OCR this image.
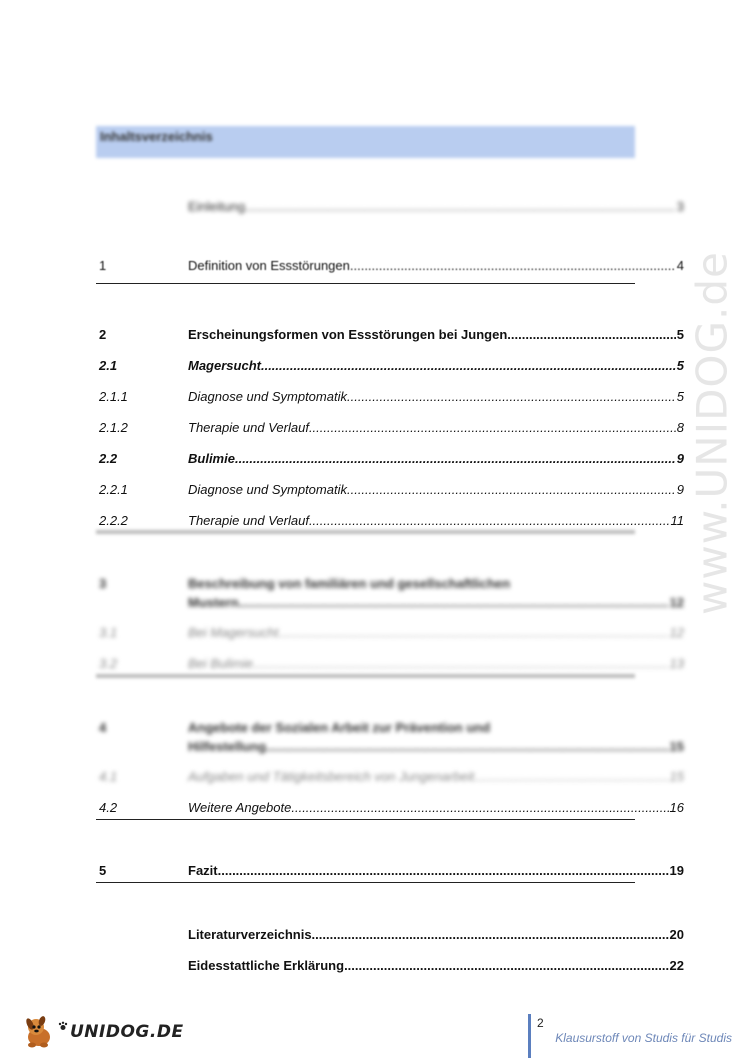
Inhaltsverzeichnis
Einleitung .....	3
1	Definition von Essstörungen .....	4
2	Erscheinungsformen von Essstörungen bei Jungen .....	5
2.1	Magersucht .....	5
2.1.1	Diagnose und Symptomatik .....	5
2.1.2	Therapie und Verlauf .....	8
2.2	Bulimie .....	9
2.2.1	Diagnose und Symptomatik .....	9
2.2.2	Therapie und Verlauf .....	11
3	Beschreibung von familiären und gesellschaftlichen
Mustern .....	12
3.1	Bei Magersucht .....	12
3.2	Bei Bulimie .....	13
4	Angebote der Sozialen Arbeit zur Prävention und
Hilfestellung .....	15
4.1	Aufgaben und Tätigkeitsbereich von Jungenarbeit .....	15
4.2	Weitere Angebote .....	16
5	Fazit .....	19
Literaturverzeichnis .....	20
Eidesstattliche Erklärung .....	22
www.UNIDOG.de
UNIDOG.DE	2
Klausurstoff von Studis für Studis
